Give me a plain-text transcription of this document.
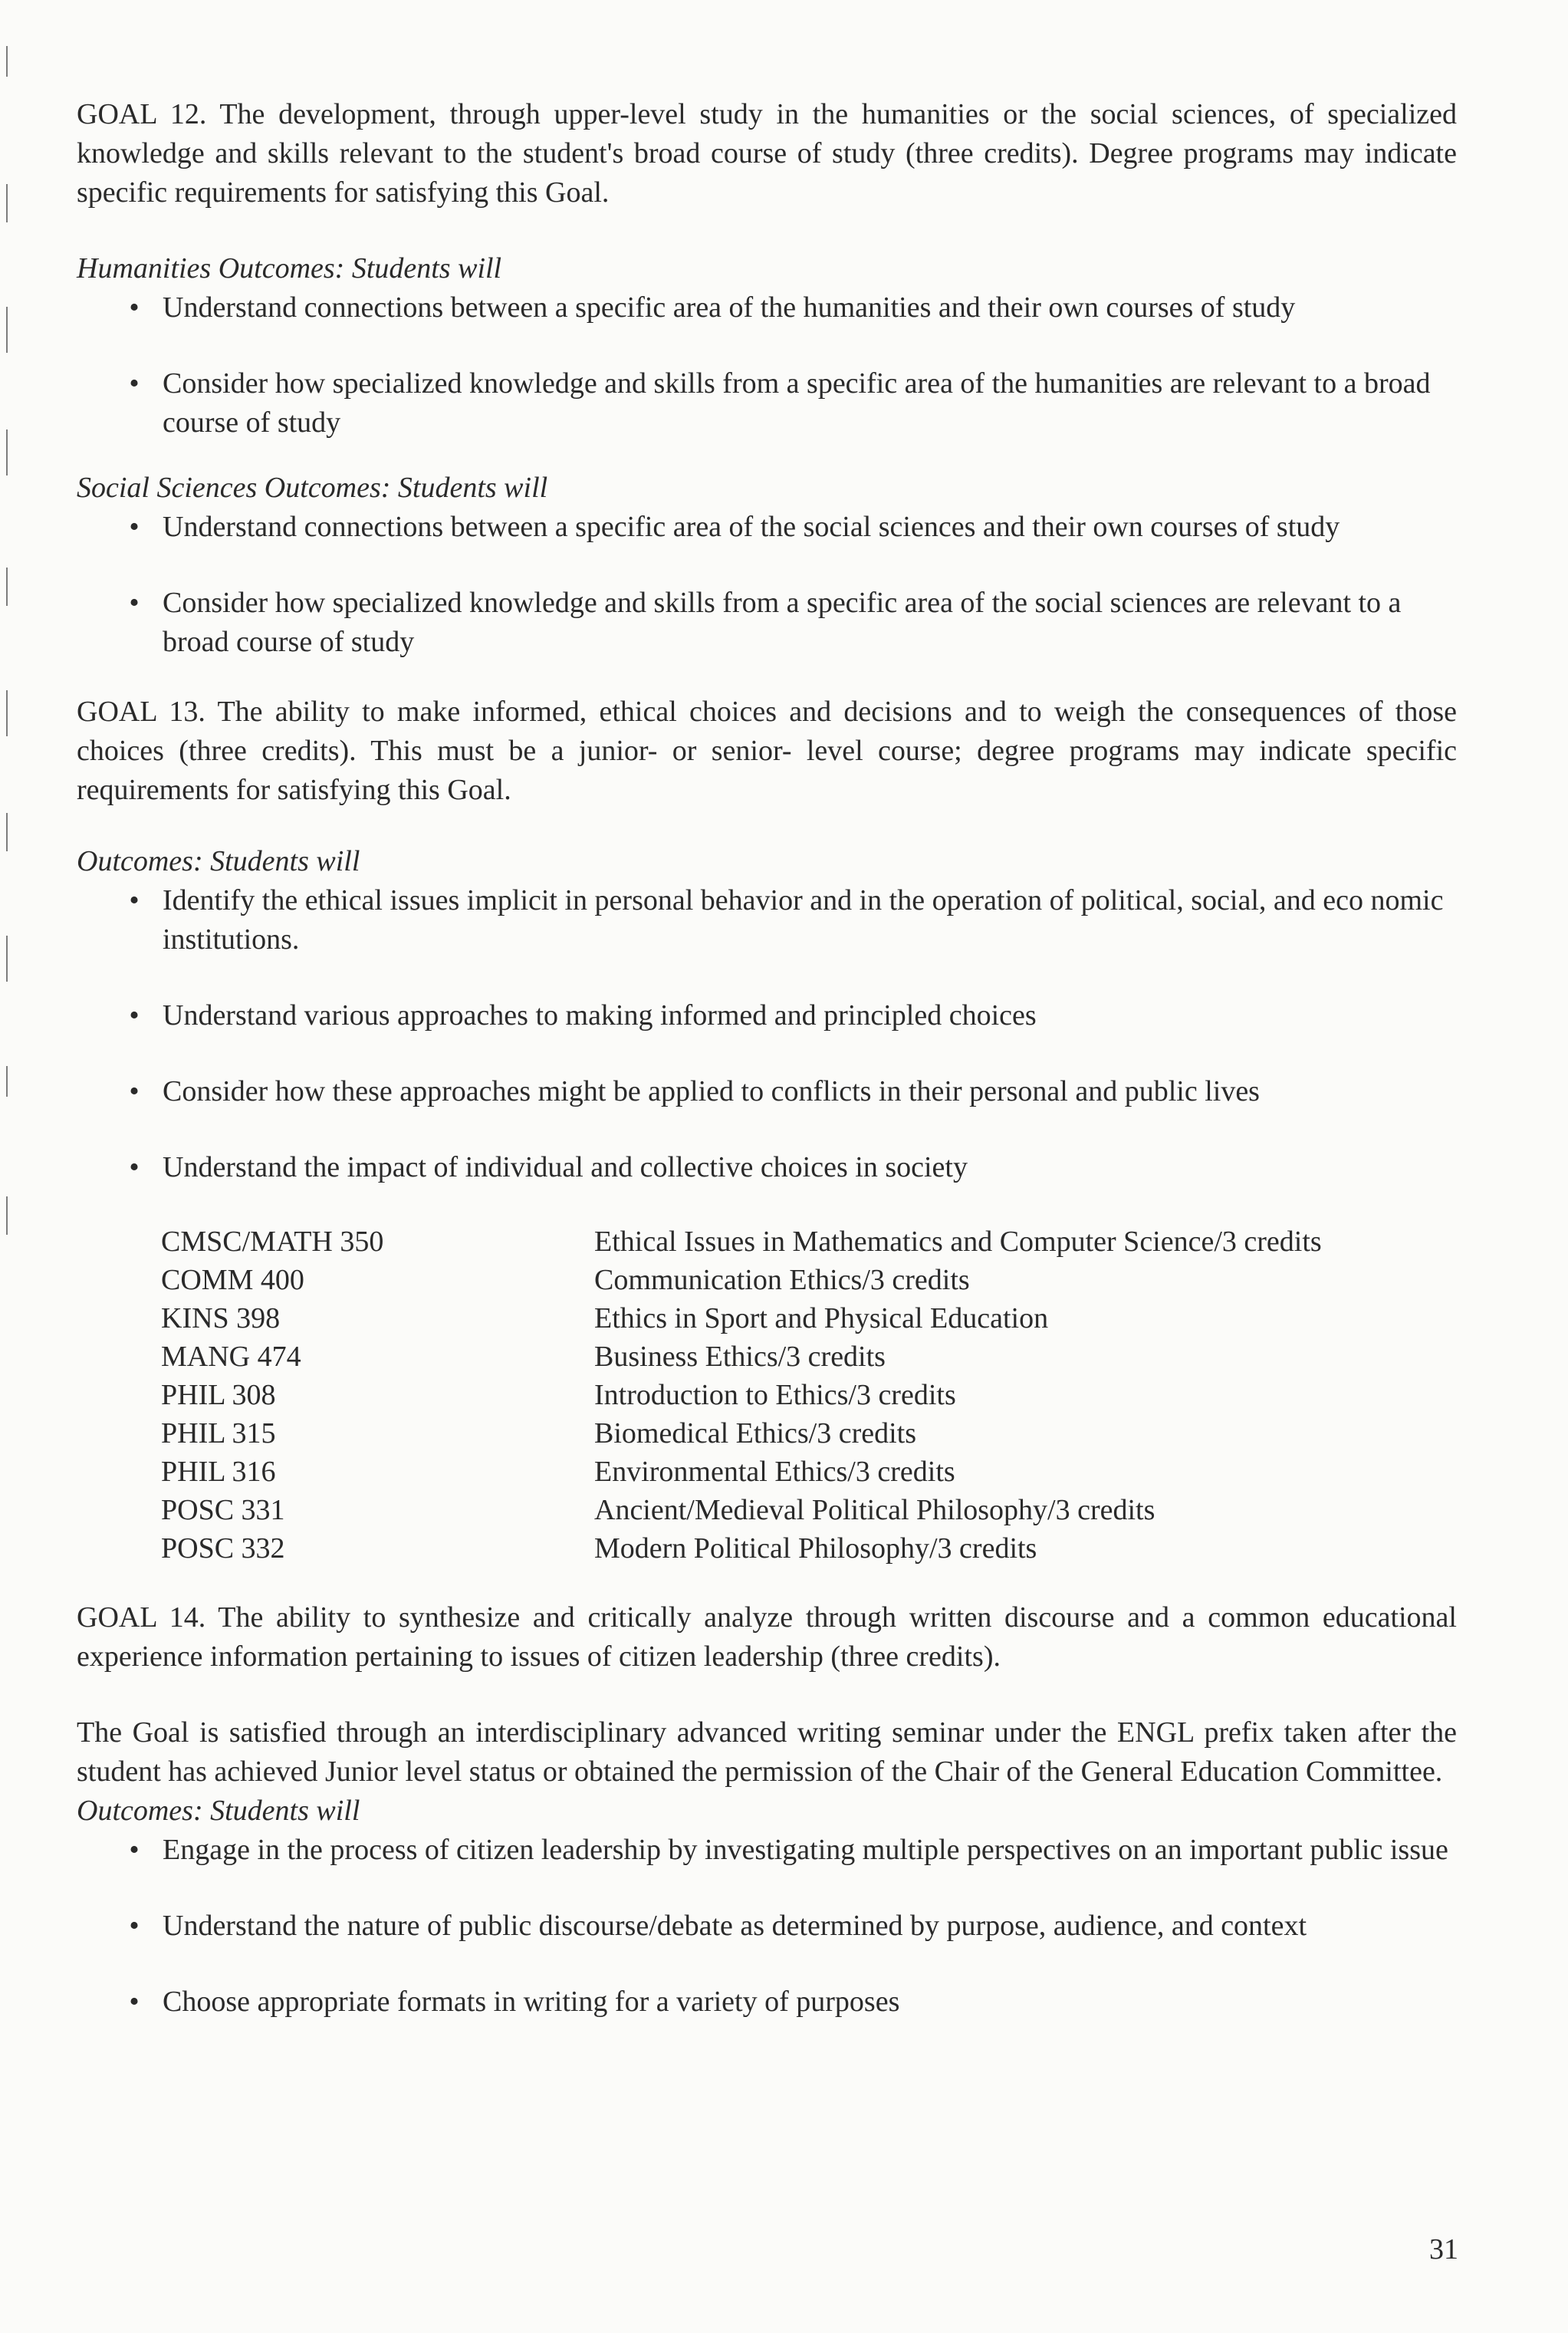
GOAL 12. The development, through upper-level study in the humanities or the social sciences, of specialized knowledge and skills relevant to the student's broad course of study (three credits). Degree programs may indicate specific requirements for satisfying this Goal.

Humanities Outcomes: Students will

• Understand connections between a specific area of the humanities and their own courses of study
• Consider how specialized knowledge and skills from a specific area of the humanities are relevant to a broad course of study

Social Sciences Outcomes: Students will

• Understand connections between a specific area of the social sciences and their own courses of study
• Consider how specialized knowledge and skills from a specific area of the social sciences are relevant to a broad course of study

GOAL 13. The ability to make informed, ethical choices and decisions and to weigh the consequences of those choices (three credits). This must be a junior- or senior- level course; degree programs may indicate specific requirements for satisfying this Goal.

Outcomes: Students will

• Identify the ethical issues implicit in personal behavior and in the operation of political, social, and eco nomic institutions.
• Understand various approaches to making informed and principled choices
• Consider how these approaches might be applied to conflicts in their personal and public lives
• Understand the impact of individual and collective choices in society
CMSC/MATH 350	Ethical Issues in Mathematics and Computer Science/3 credits
COMM 400	Communication Ethics/3 credits
KINS 398	Ethics in Sport and Physical Education
MANG 474	Business Ethics/3 credits
PHIL 308	Introduction to Ethics/3 credits
PHIL 315	Biomedical Ethics/3 credits
PHIL 316	Environmental Ethics/3 credits
POSC 331	Ancient/Medieval Political Philosophy/3 credits
POSC 332	Modern Political Philosophy/3 credits

GOAL 14. The ability to synthesize and critically analyze through written discourse and a common educational experience information pertaining to issues of citizen leadership (three credits).

The Goal is satisfied through an interdisciplinary advanced writing seminar under the ENGL prefix taken after the student has achieved Junior level status or obtained the permission of the Chair of the General Education Committee.

Outcomes: Students will

• Engage in the process of citizen leadership by investigating multiple perspectives on an important public issue
• Understand the nature of public discourse/debate as determined by purpose, audience, and context
• Choose appropriate formats in writing for a variety of purposes
31
